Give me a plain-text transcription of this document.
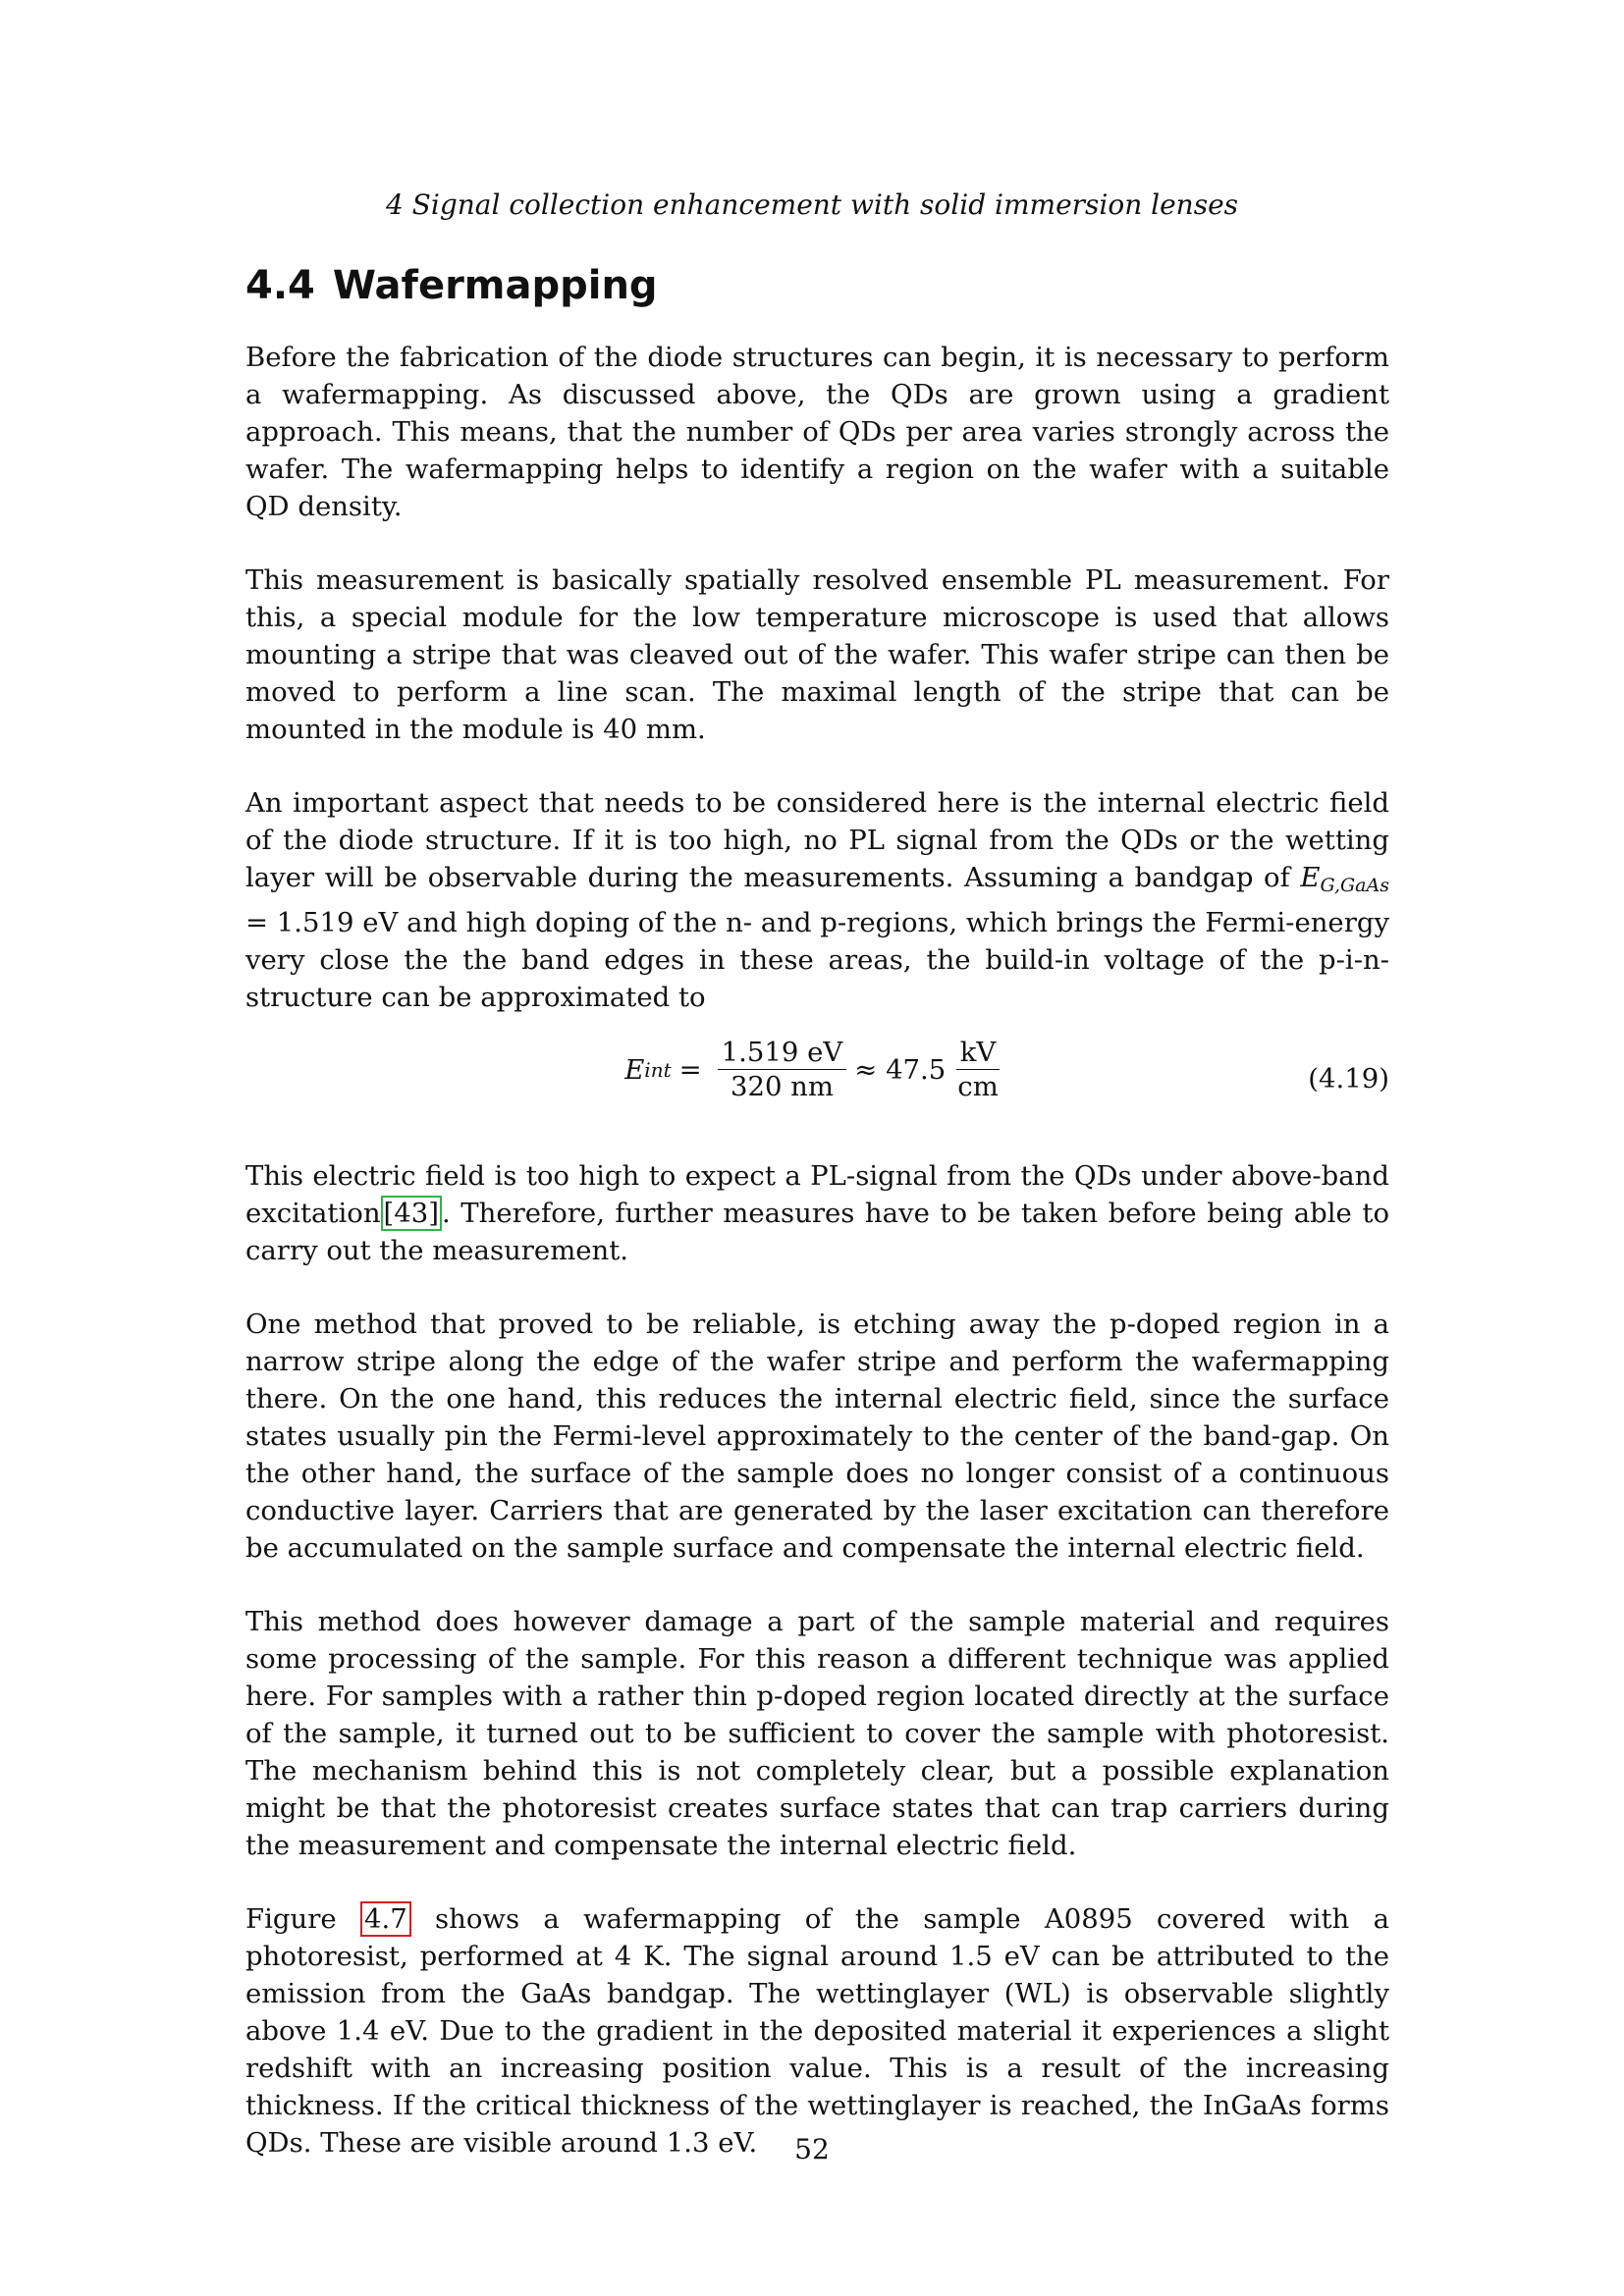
4 Signal collection enhancement with solid immersion lenses
4.4 Wafermapping

Before the fabrication of the diode structures can begin, it is necessary to perform a wafermapping. As discussed above, the QDs are grown using a gradient approach. This means, that the number of QDs per area varies strongly across the wafer. The wafermapping helps to identify a region on the wafer with a suitable QD density.

This measurement is basically spatially resolved ensemble PL measurement. For this, a special module for the low temperature microscope is used that allows mounting a stripe that was cleaved out of the wafer. This wafer stripe can then be moved to perform a line scan. The maximal length of the stripe that can be mounted in the module is 40 mm.

An important aspect that needs to be considered here is the internal electric field of the diode structure. If it is too high, no PL signal from the QDs or the wetting layer will be observable during the measurements. Assuming a bandgap of EG,GaAs = 1.519 eV and high doping of the n- and p-regions, which brings the Fermi-energy very close the the band edges in these areas, the build-in voltage of the p-i-n-structure can be approximated to

E int = $\frac{1.519 eV}{320 nm} \approx 47.5 \frac{kV}{cm}$	(4.19)

This electric field is too high to expect a PL-signal from the QDs under above-band excitation [43] . Therefore, further measures have to be taken before being able to carry out the measurement.

One method that proved to be reliable, is etching away the p-doped region in a narrow stripe along the edge of the wafer stripe and perform the wafermapping there. On the one hand, this reduces the internal electric field, since the surface states usually pin the Fermi-level approximately to the center of the band-gap. On the other hand, the surface of the sample does no longer consist of a continuous conductive layer. Carriers that are generated by the laser excitation can therefore be accumulated on the sample surface and compensate the internal electric field.

This method does however damage a part of the sample material and requires some processing of the sample. For this reason a different technique was applied here. For samples with a rather thin p-doped region located directly at the surface of the sample, it turned out to be sufficient to cover the sample with photoresist. The mechanism behind this is not completely clear, but a possible explanation might be that the photoresist creates surface states that can trap carriers during the measurement and compensate the internal electric field.

Figure 4.7 shows a wafermapping of the sample A0895 covered with a photoresist, performed at 4 K. The signal around 1.5 eV can be attributed to the emission from the GaAs bandgap. The wettinglayer (WL) is observable slightly above 1.4 eV. Due to the gradient in the deposited material it experiences a slight redshift with an increasing position value. This is a result of the increasing thickness. If the critical thickness of the wettinglayer is reached, the InGaAs forms QDs. These are visible around 1.3 eV.	52
